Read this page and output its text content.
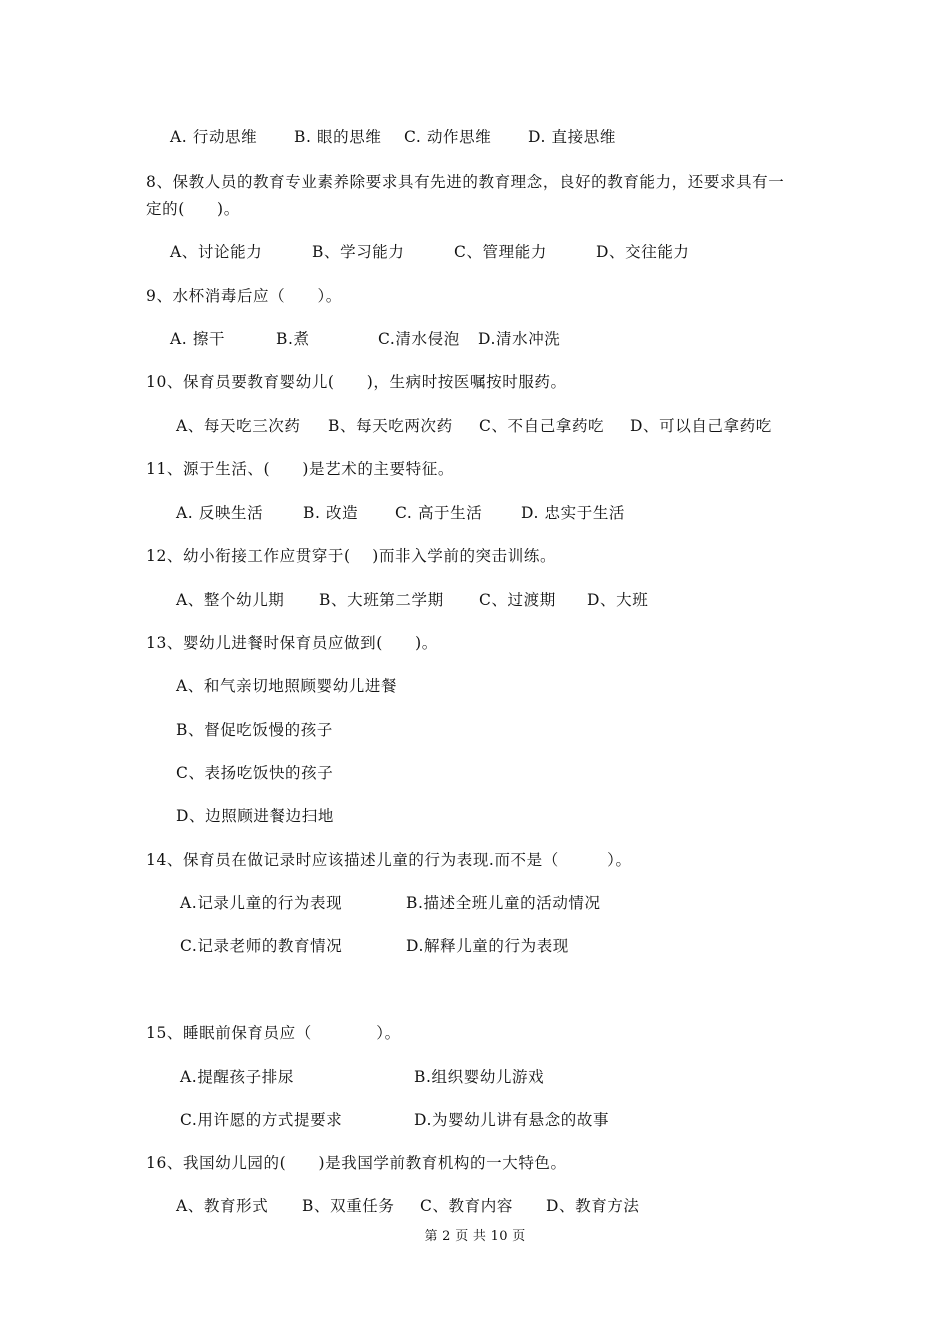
A. 行动思维 B. 眼的思维 C. 动作思维 D. 直接思维
8、保教人员的教育专业素养除要求具有先进的教育理念，良好的教育能力，还要求具有一
定的(　　)。
A、讨论能力	B、学习能力	C、管理能力	D、交往能力
9、水杯消毒后应（　　）。
A. 擦干	B.煮	C.清水侵泡 D.清水冲洗
10、保育员要教育婴幼儿(　　)，生病时按医嘱按时服药。
A、每天吃三次药 B、每天吃两次药 C、不自己拿药吃 D、可以自己拿药吃
11、源于生活、(　　)是艺术的主要特征。
A. 反映生活	B. 改造 C. 高于生活 D. 忠实于生活
12、幼小衔接工作应贯穿于(　 )而非入学前的突击训练。
A、整个幼儿期 B、大班第二学期 C、过渡期 D、大班
13、婴幼儿进餐时保育员应做到(　　)。
A、和气亲切地照顾婴幼儿进餐
B、督促吃饭慢的孩子
C、表扬吃饭快的孩子
D、边照顾进餐边扫地
14、保育员在做记录时应该描述儿童的行为表现.而不是（　　　）。
A.记录儿童的行为表现	B.描述全班儿童的活动情况
C.记录老师的教育情况	D.解释儿童的行为表现
15、睡眠前保育员应（　　　　）。
A.提醒孩子排尿	B.组织婴幼儿游戏
C.用许愿的方式提要求	D.为婴幼儿讲有悬念的故事
16、我国幼儿园的(　　)是我国学前教育机构的一大特色。
A、教育形式 B、双重任务 C、教育内容 D、教育方法
第 2 页 共 10 页
